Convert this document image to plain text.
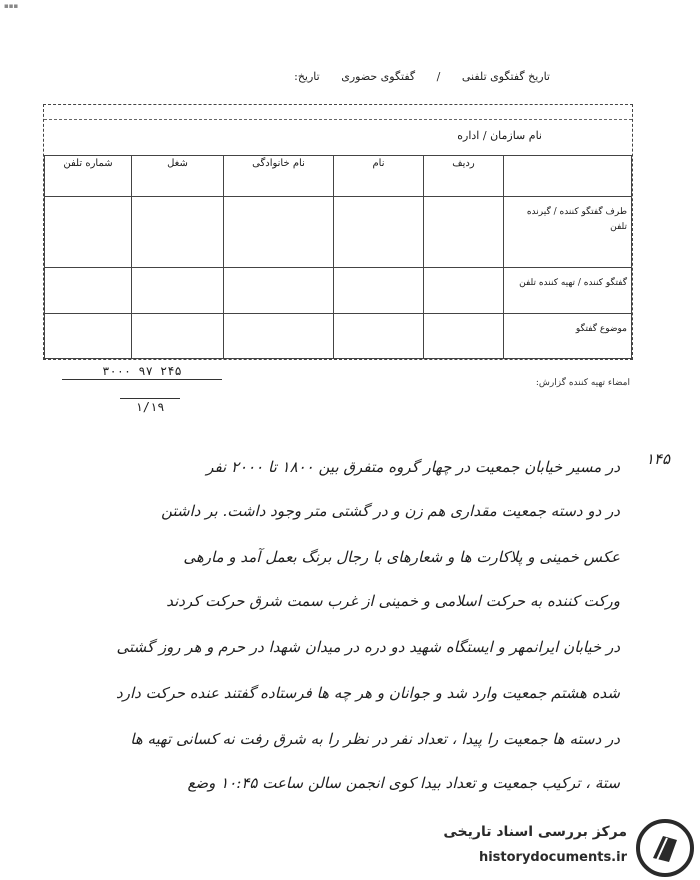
▪▪▪
تاریخ گفتگوی تلفنی / گفتگوی حضوری تاریخ:
نام سازمان / اداره
	ردیف	نام	نام خانوادگی	شغل	شماره تلفن
طرف گفتگو کننده / گیرنده تلفن					
گفتگو کننده / تهیه کننده تلفن					
موضوع گفتگو					
۳۰۰۰ ۹۷ ۲۴۵
۱/۱۹
امضاء تهیه کننده گزارش:
۱۴۵
در مسیر خیابان جمعیت در چهار گروه متفرق بین ۱۸۰۰ تا ۲۰۰۰ نفر
در دو دسته جمعیت مقداری هم زن و در گشتی متر وجود داشت. بر داشتن
عکس خمینی و پلاکارت ها و شعارهای با رجال برنگ بعمل آمد و مارهی
ورکت کننده به حرکت اسلامی و خمینی از غرب سمت شرق حرکت کردند
در خیابان ایرانمهر و ایستگاه شهید دو دره در میدان شهدا در حرم و هر روز گشتی
شده هشتم جمعیت وارد شد و جوانان و هر چه ها فرستاده گفتند عنده حرکت دارد
در دسته ها جمعیت را پیدا ، تعداد نفر در نظر را به شرق رفت نه کسانی تهیه ها
ستة ، ترکیب جمعیت و تعداد بیدا کوی انجمن سالن ساعت ۱۰:۴۵ وضع
مرکز بررسی اسناد تاریخی
historydocuments.ir
